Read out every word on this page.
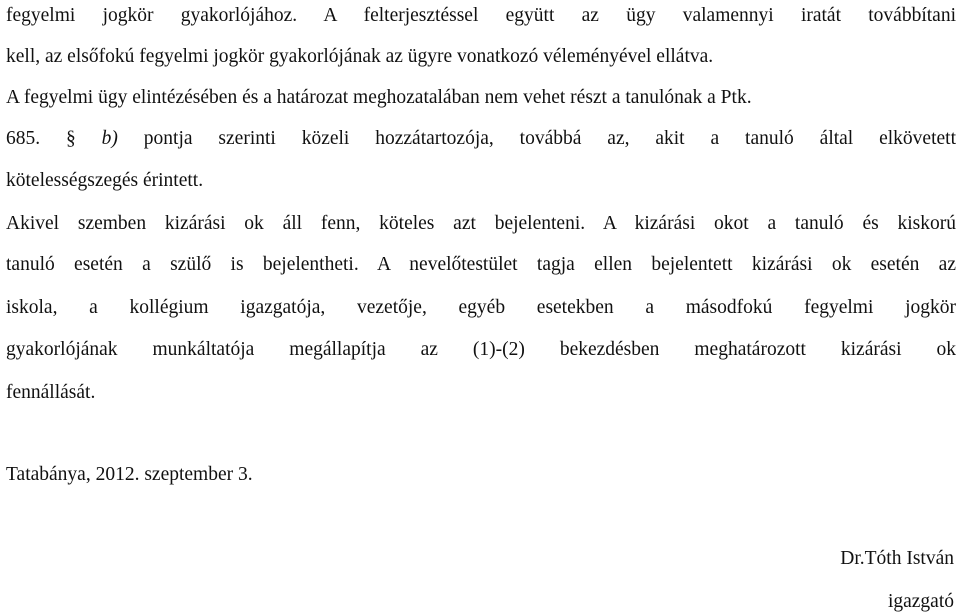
fegyelmi jogkör gyakorlójához. A felterjesztéssel együtt az ügy valamennyi iratát továbbítani
kell, az elsőfokú fegyelmi jogkör gyakorlójának az ügyre vonatkozó véleményével ellátva.
A fegyelmi ügy elintézésében és a határozat meghozatalában nem vehet részt a tanulónak a Ptk.
685. § b) pontja szerinti közeli hozzátartozója, továbbá az, akit a tanuló által elkövetett
kötelességszegés érintett.
Akivel szemben kizárási ok áll fenn, köteles azt bejelenteni. A kizárási okot a tanuló és kiskorú
tanuló esetén a szülő is bejelentheti. A nevelőtestület tagja ellen bejelentett kizárási ok esetén az
iskola, a kollégium igazgatója, vezetője, egyéb esetekben a másodfokú fegyelmi jogkör
gyakorlójának munkáltatója megállapítja az (1)-(2) bekezdésben meghatározott kizárási ok
fennállását.
Tatabánya, 2012. szeptember 3.
Dr.Tóth István
igazgató
